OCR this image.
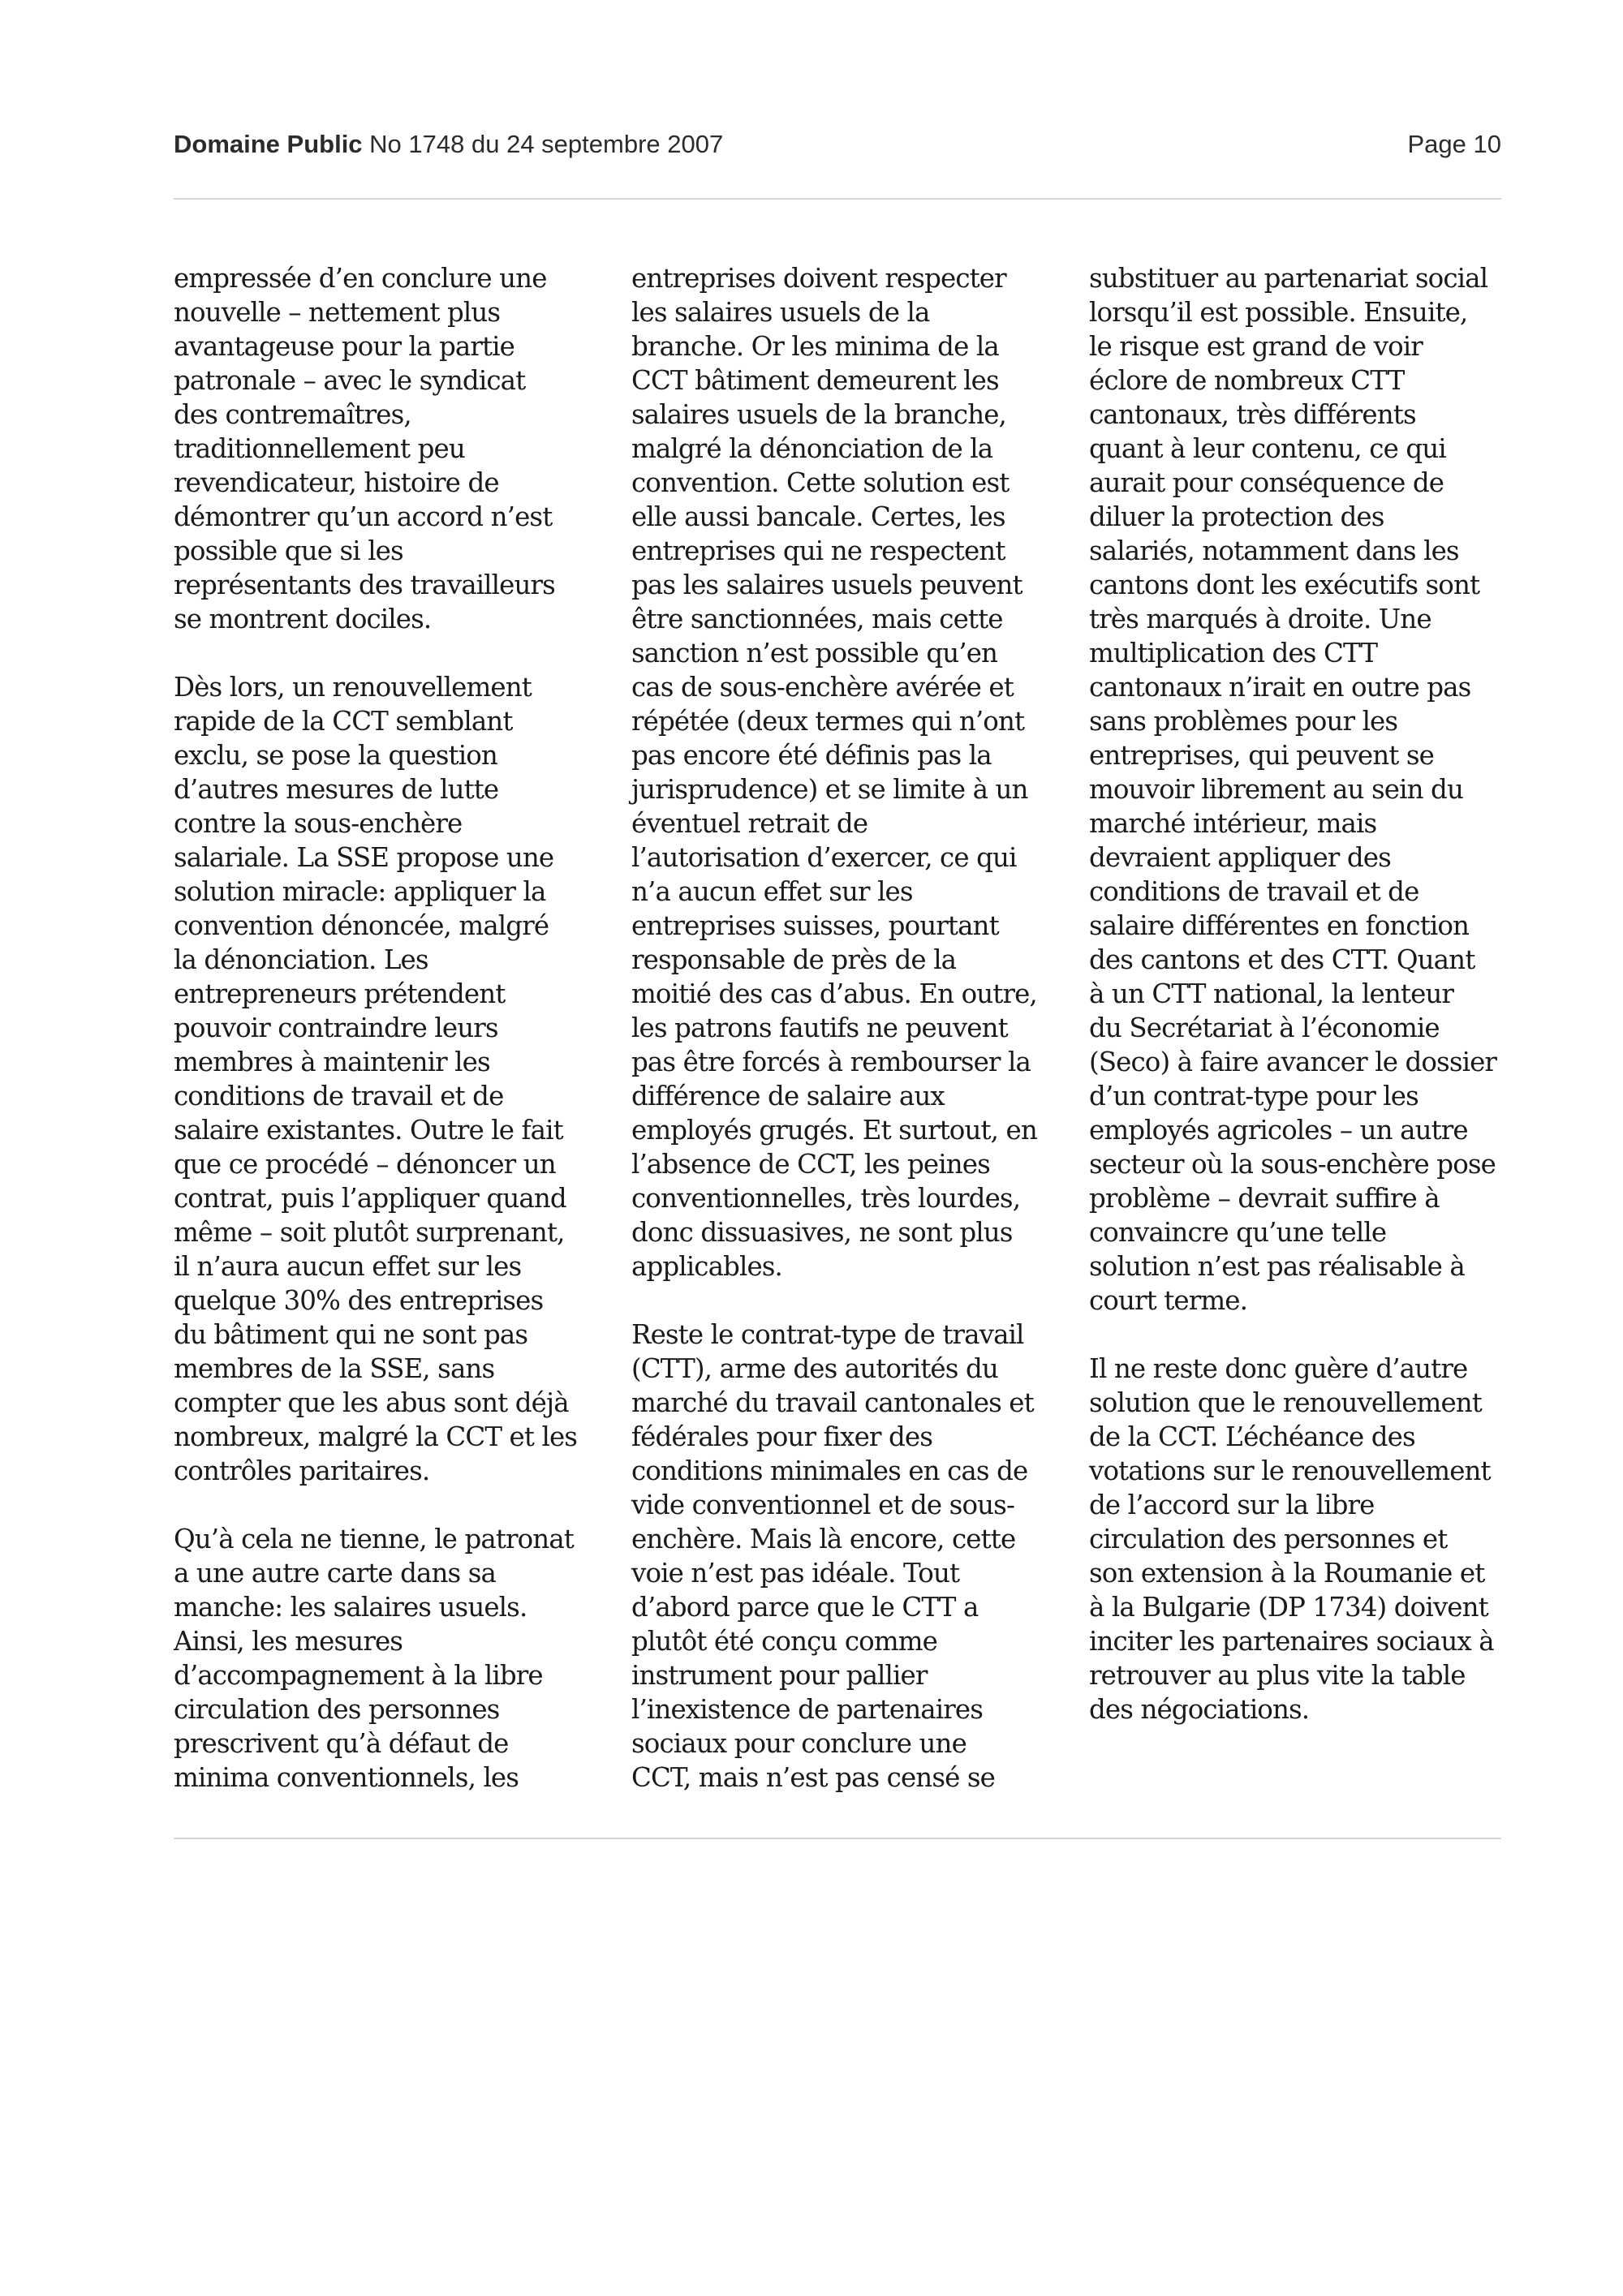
Domaine Public No 1748 du 24 septembre 2007	Page 10

empressée d’en conclure une
nouvelle – nettement plus
avantageuse pour la partie
patronale – avec le syndicat
des contremaîtres,
traditionnellement peu
revendicateur, histoire de
démontrer qu’un accord n’est
possible que si les
représentants des travailleurs
se montrent dociles.

Dès lors, un renouvellement
rapide de la CCT semblant
exclu, se pose la question
d’autres mesures de lutte
contre la sous-enchère
salariale. La SSE propose une
solution miracle: appliquer la
convention dénoncée, malgré
la dénonciation. Les
entrepreneurs prétendent
pouvoir contraindre leurs
membres à maintenir les
conditions de travail et de
salaire existantes. Outre le fait
que ce procédé – dénoncer un
contrat, puis l’appliquer quand
même – soit plutôt surprenant,
il n’aura aucun effet sur les
quelque 30% des entreprises
du bâtiment qui ne sont pas
membres de la SSE, sans
compter que les abus sont déjà
nombreux, malgré la CCT et les
contrôles paritaires.

Qu’à cela ne tienne, le patronat
a une autre carte dans sa
manche: les salaires usuels.
Ainsi, les mesures
d’accompagnement à la libre
circulation des personnes
prescrivent qu’à défaut de
minima conventionnels, les

entreprises doivent respecter
les salaires usuels de la
branche. Or les minima de la
CCT bâtiment demeurent les
salaires usuels de la branche,
malgré la dénonciation de la
convention. Cette solution est
elle aussi bancale. Certes, les
entreprises qui ne respectent
pas les salaires usuels peuvent
être sanctionnées, mais cette
sanction n’est possible qu’en
cas de sous-enchère avérée et
répétée (deux termes qui n’ont
pas encore été définis pas la
jurisprudence) et se limite à un
éventuel retrait de
l’autorisation d’exercer, ce qui
n’a aucun effet sur les
entreprises suisses, pourtant
responsable de près de la
moitié des cas d’abus. En outre,
les patrons fautifs ne peuvent
pas être forcés à rembourser la
différence de salaire aux
employés grugés. Et surtout, en
l’absence de CCT, les peines
conventionnelles, très lourdes,
donc dissuasives, ne sont plus
applicables.

Reste le contrat-type de travail
(CTT), arme des autorités du
marché du travail cantonales et
fédérales pour fixer des
conditions minimales en cas de
vide conventionnel et de sous-
enchère. Mais là encore, cette
voie n’est pas idéale. Tout
d’abord parce que le CTT a
plutôt été conçu comme
instrument pour pallier
l’inexistence de partenaires
sociaux pour conclure une
CCT, mais n’est pas censé se

substituer au partenariat social
lorsqu’il est possible. Ensuite,
le risque est grand de voir
éclore de nombreux CTT
cantonaux, très différents
quant à leur contenu, ce qui
aurait pour conséquence de
diluer la protection des
salariés, notamment dans les
cantons dont les exécutifs sont
très marqués à droite. Une
multiplication des CTT
cantonaux n’irait en outre pas
sans problèmes pour les
entreprises, qui peuvent se
mouvoir librement au sein du
marché intérieur, mais
devraient appliquer des
conditions de travail et de
salaire différentes en fonction
des cantons et des CTT. Quant
à un CTT national, la lenteur
du Secrétariat à l’économie
(Seco) à faire avancer le dossier
d’un contrat-type pour les
employés agricoles – un autre
secteur où la sous-enchère pose
problème – devrait suffire à
convaincre qu’une telle
solution n’est pas réalisable à
court terme.

Il ne reste donc guère d’autre
solution que le renouvellement
de la CCT. L’échéance des
votations sur le renouvellement
de l’accord sur la libre
circulation des personnes et
son extension à la Roumanie et
à la Bulgarie (DP 1734) doivent
inciter les partenaires sociaux à
retrouver au plus vite la table
des négociations.
